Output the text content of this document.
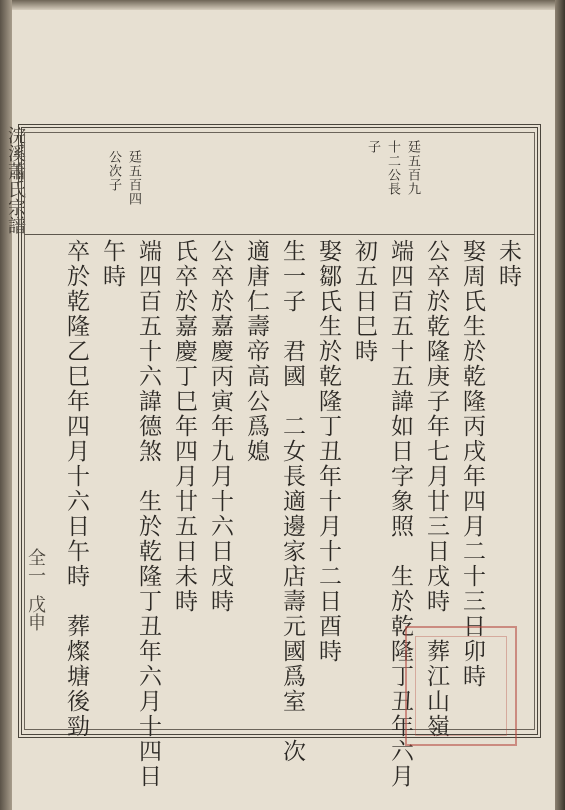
浣溪蕭氏宗譜	廷五百九
十二公長
子
廷五百四
公次子
未時
娶周氏生於乾隆丙戌年四月二十三日卯時
公卒於乾隆庚子年七月廿三日戌時　葬江山嶺
端四百五十五諱如日字象照　生於乾隆丁丑年六月
初五日巳時
娶鄒氏生於乾隆丁丑年十月十二日酉時
生一子　君國　二女長適邊家店壽元國爲室　次
適唐仁壽帝高公爲媳
公卒於嘉慶丙寅年九月十六日戌時
氏卒於嘉慶丁巳年四月廿五日未時
端四百五十六諱德煞　生於乾隆丁丑年六月十四日
午時
卒於乾隆乙巳年四月十六日午時　葬燦塘後勁
全一
戊申
